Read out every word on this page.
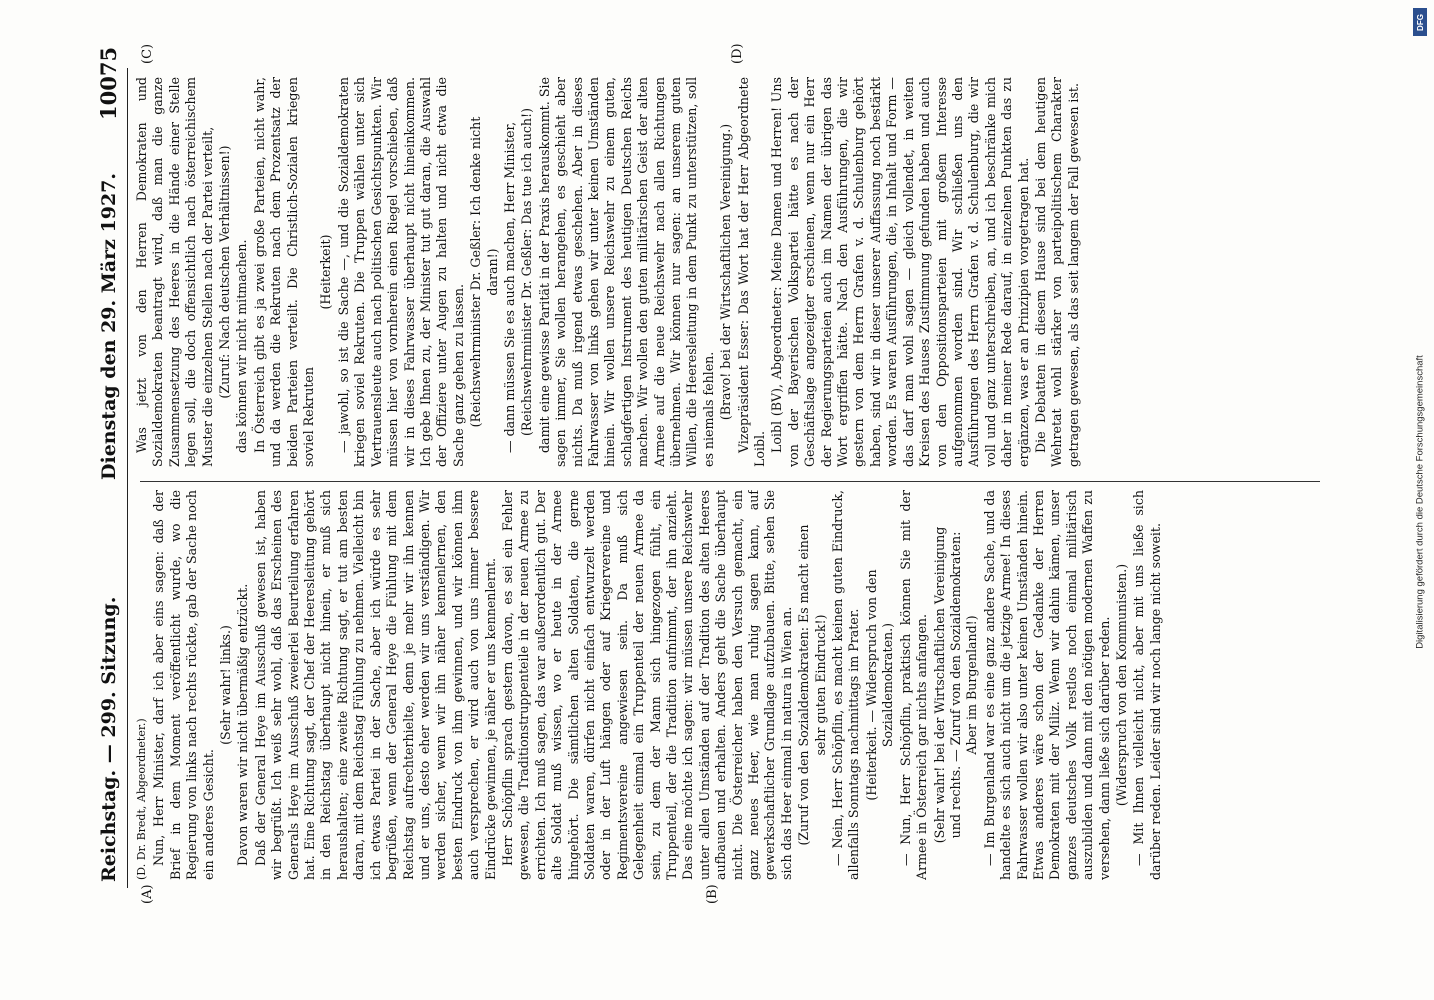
Reichstag. — 299. Sitzung.
Dienstag den 29. März 1927.
10075
(A)	(B)
(C)	(D)

(D. Dr. Bredt, Abgeordneter.) Nun, Herr Minister, darf ich aber eins sagen: daß der Brief in dem Moment veröffentlicht wurde, wo die Regierung von links nach rechts rückte, gab der Sache noch ein anderes Gesicht.

(Sehr wahr! links.) Davon waren wir nicht übermäßig entzückt. Daß der General Heye im Ausschuß gewesen ist, haben wir begrüßt. Ich weiß sehr wohl, daß das Erscheinen des Generals Heye im Ausschuß zweierlei Beurteilung erfahren hat. Eine Richtung sagt, der Chef der Heeresleitung gehört in den Reichstag überhaupt nicht hinein, er muß sich heraushalten; eine zweite Richtung sagt, er tut am besten daran, mit dem Reichstag Fühlung zu nehmen. Vielleicht bin ich etwas Partei in der Sache, aber ich würde es sehr begrüßen, wenn der General Heye die Fühlung mit dem Reichstag aufrechterhielte, denn je mehr wir ihn kennen und er uns, desto eher werden wir uns verständigen. Wir werden sicher, wenn wir ihn näher kennenlernen, den besten Eindruck von ihm gewinnen, und wir können ihm auch versprechen, er wird auch von uns immer bessere Eindrücke gewinnen, je näher er uns kennenlernt. Herr Schöpflin sprach gestern davon, es sei ein Fehler gewesen, die Traditionstruppenteile in der neuen Armee zu errichten. Ich muß sagen, das war außerordentlich gut. Der alte Soldat muß wissen, wo er heute in der Armee hingehört. Die sämtlichen alten Soldaten, die gerne Soldaten waren, dürfen nicht einfach entwurzelt werden oder in der Luft hängen oder auf Kriegervereine und Regimentsvereine angewiesen sein. Da muß sich Gelegenheit einmal ein Truppenteil der neuen Armee da sein, zu dem der Mann sich hingezogen fühlt, ein Truppenteil, der die Tradition aufnimmt, der ihn anzieht. Das eine möchte ich sagen: wir müssen unsere Reichswehr unter allen Umständen auf der Tradition des alten Heeres aufbauen und erhalten. Anders geht die Sache überhaupt nicht. Die Österreicher haben den Versuch gemacht, ein ganz neues Heer, wie man ruhig sagen kann, auf gewerkschaftlicher Grundlage aufzubauen. Bitte, sehen Sie sich das Heer einmal in natura in Wien an. (Zuruf von den Sozialdemokraten: Es macht einen sehr guten Eindruck!) — Nein, Herr Schöpflin, es macht keinen guten Eindruck, allenfalls Sonntags nachmittags im Prater. (Heiterkeit. — Widerspruch von den Sozialdemokraten.) — Nun, Herr Schöpflin, praktisch können Sie mit der Armee in Österreich gar nichts anfangen. (Sehr wahr! bei der Wirtschaftlichen Vereinigung und rechts. — Zuruf von den Sozialdemokraten: Aber im Burgenland!) — Im Burgenland war es eine ganz andere Sache, und da handelte es sich auch nicht um die jetzige Armee! In dieses Fahrwasser wollen wir also unter keinen Umständen hinein. Etwas anderes wäre schon der Gedanke der Herren Demokraten mit der Miliz. Wenn wir dahin kämen, unser ganzes deutsches Volk restlos noch einmal militärisch auszubilden und dann mit den nötigen modernen Waffen zu versehen, dann ließe sich darüber reden. (Widerspruch von den Kommunisten.) — Mit Ihnen vielleicht nicht, aber mit uns ließe sich darüber reden. Leider sind wir noch lange nicht soweit.

Was jetzt von den Herren Demokraten und Sozialdemokraten beantragt wird, daß man die ganze Zusammensetzung des Heeres in die Hände einer Stelle legen soll, die doch offensichtlich nach österreichischem Muster die einzelnen Stellen nach der Partei verteilt, (Zuruf: Nach deutschen Verhältnissen!) das können wir nicht mitmachen. In Österreich gibt es ja zwei große Parteien, nicht wahr, und da werden die Rekruten nach dem Prozentsatz der beiden Parteien verteilt. Die Christlich-Sozialen kriegen soviel Rekruten

(Heiterkeit) — jawohl, so ist die Sache —, und die Sozialdemokraten kriegen soviel Rekruten. Die Truppen wählen unter sich Vertrauensleute auch nach politischen Gesichtspunkten. Wir müssen hier von vornherein einen Riegel vorschieben, daß wir in dieses Fahrwasser überhaupt nicht hineinkommen. Ich gebe Ihnen zu, der Minister tut gut daran, die Auswahl der Offiziere unter Augen zu halten und nicht etwa die Sache ganz gehen zu lassen. (Reichswehrminister Dr. Geßler: Ich denke nicht daran!) — dann müssen Sie es auch machen, Herr Minister, (Reichswehrminister Dr. Geßler: Das tue ich auch!) damit eine gewisse Parität in der Praxis herauskommt. Sie sagen immer, Sie wollen herangehen, es geschieht aber nichts. Da muß irgend etwas geschehen. Aber in dieses Fahrwasser von links gehen wir unter keinen Umständen hinein. Wir wollen unsere Reichswehr zu einem guten, schlagfertigen Instrument des heutigen Deutschen Reichs machen. Wir wollen den guten militärischen Geist der alten Armee auf die neue Reichswehr nach allen Richtungen übernehmen. Wir können nur sagen: an unserem guten Willen, die Heeresleitung in dem Punkt zu unterstützen, soll es niemals fehlen. (Bravo! bei der Wirtschaftlichen Vereinigung.) Vizepräsident Esser: Das Wort hat der Herr Abgeordnete Loibl. Loibl (BV), Abgeordneter: Meine Damen und Herren! Uns von der Bayerischen Volkspartei hätte es nach der Geschäftslage angezeigter erschienen, wenn nur ein Herr der Regierungsparteien auch im Namen der übrigen das Wort ergriffen hätte. Nach den Ausführungen, die wir gestern von dem Herrn Grafen v. d. Schulenburg gehört haben, sind wir in dieser unserer Auffassung noch bestärkt worden. Es waren Ausführungen, die, in Inhalt und Form — das darf man wohl sagen — gleich vollendet, in weiten Kreisen des Hauses Zustimmung gefunden haben und auch von den Oppositionsparteien mit großem Interesse aufgenommen worden sind. Wir schließen uns den Ausführungen des Herrn Grafen v. d. Schulenburg, die wir voll und ganz unterschreiben, an, und ich beschränke mich daher in meiner Rede darauf, in einzelnen Punkten das zu ergänzen, was er an Prinzipien vorgetragen hat. Die Debatten in diesem Hause sind bei dem heutigen Wehretat wohl stärker von parteipolitischem Charakter getragen gewesen, als das seit langem der Fall gewesen ist.

Digitalisierung gefördert durch die Deutsche Forschungsgemeinschaft
DFG
